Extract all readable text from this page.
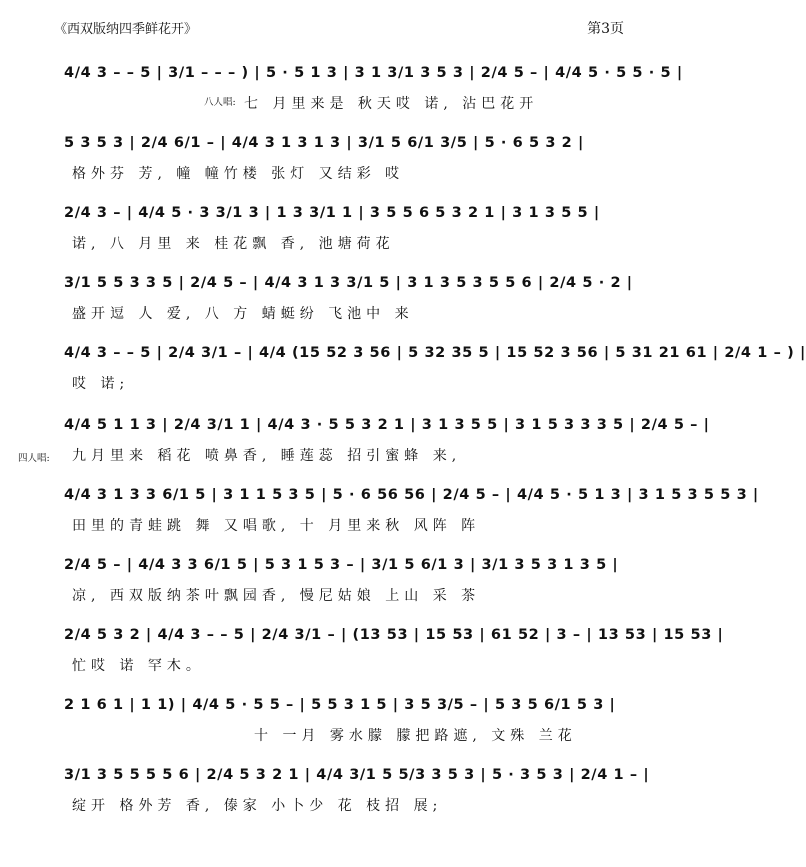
《西双版纳四季鲜花开》	第3页
4/4 3 – – 5 | 3/1 – – – ) | 5 · 5 1 3 | 3 1 3/1 3 5 3 | 2/4 5 – | 4/4 5 · 5 5 · 5 |
八人唱: 七 月里来是 秋天哎 诺, 沾巴花开
5 3 5 3 | 2/4 6/1 – | 4/4 3 1 3 1 3 | 3/1 5 6/1 3/5 | 5 · 6 5 3 2 |
格外芬 芳, 幢 幢竹楼 张灯 又结彩 哎
2/4 3 – | 4/4 5 · 3 3/1 3 | 1 3 3/1 1 | 3 5 5 6 5 3 2 1 | 3 1 3 5 5 |
诺, 八 月里 来 桂花飘 香, 池塘荷花
3/1 5 5 3 3 5 | 2/4 5 – | 4/4 3 1 3 3/1 5 | 3 1 3 5 3 5 5 6 | 2/4 5 · 2 |
盛开逗 人 爱, 八 方 蜻蜓纷 飞池中 来
4/4 3 – – 5 | 2/4 3/1 – | 4/4 (15 52 3 56 | 5 32 35 5 | 15 52 3 56 | 5 31 21 61 | 2/4 1 – ) |
哎 诺;
4/4 5 1 1 3 | 2/4 3/1 1 | 4/4 3 · 5 5 3 2 1 | 3 1 3 5 5 | 3 1 5 3 3 3 5 | 2/4 5 – |
四人唱: 九月里来 稻花 喷鼻香, 睡莲蕊 招引蜜蜂 来,
4/4 3 1 3 3 6/1 5 | 3 1 1 5 3 5 | 5 · 6 56 56 | 2/4 5 – | 4/4 5 · 5 1 3 | 3 1 5 3 5 5 3 |
田里的青蛙跳 舞 又唱歌, 十 月里来秋 风阵 阵
2/4 5 – | 4/4 3 3 6/1 5 | 5 3 1 5 3 – | 3/1 5 6/1 3 | 3/1 3 5 3 1 3 5 |
凉, 西双版纳茶叶飘园香, 慢尼姑娘 上山 采 茶
2/4 5 3 2 | 4/4 3 – – 5 | 2/4 3/1 – | (13 53 | 15 53 | 61 52 | 3 – | 13 53 | 15 53 |
忙哎 诺 罕木。
2 1 6 1 | 1 1) | 4/4 5 · 5 5 – | 5 5 3 1 5 | 3 5 3/5 – | 5 3 5 6/1 5 3 |
十 一月 雾水朦 朦把路遮, 文殊 兰花
3/1 3 5 5 5 5 6 | 2/4 5 3 2 1 | 4/4 3/1 5 5/3 3 5 3 | 5 · 3 5 3 | 2/4 1 – |
绽开 格外芳 香, 傣家 小卜少 花 枝招 展;
